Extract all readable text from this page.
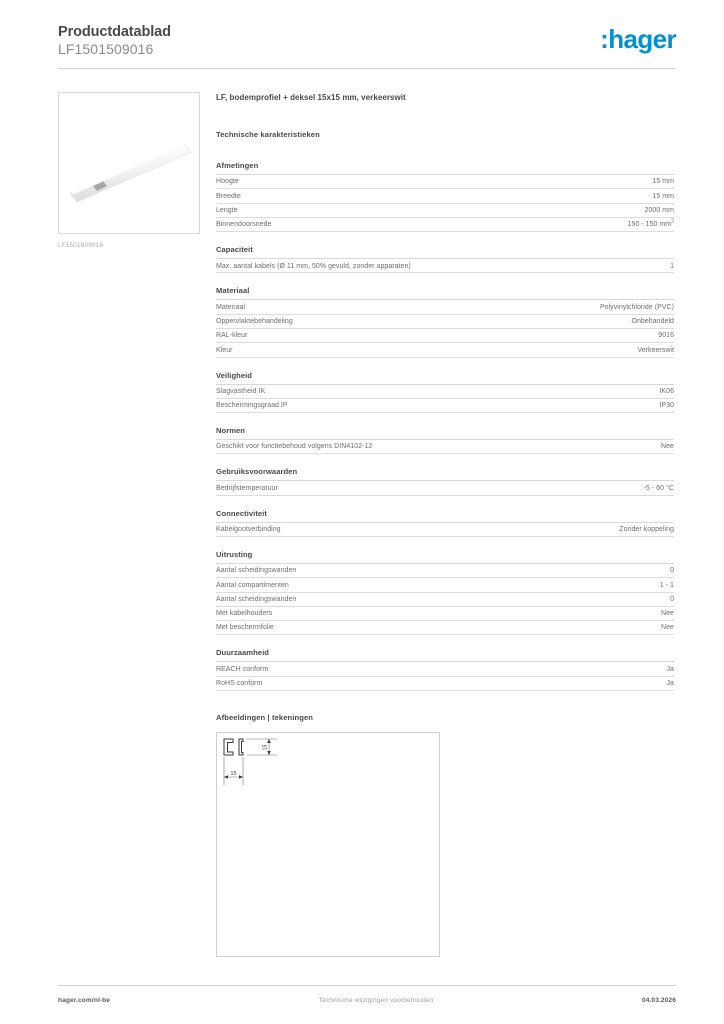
Productdatablad
LF1501509016	:hager
LF1501509016
LF, bodemprofiel + deksel 15x15 mm, verkeerswit
Technische karakteristieken
Afmetingen
Hoogte	15 mm
Breedte	15 mm
Lengte	2000 mm
Binnendoorsnede	150 - 150 $mm^2$
Capaciteit
Max. aantal kabels (Ø 11 mm, 50% gevuld, zonder apparaten)	1
Materiaal
Materiaal	Polyvinylchloride (PVC)
Oppervlaktebehandeling	Onbehandeld
RAL-kleur	9016
Kleur	Verkeerswit
Veiligheid
Slagvastheid IK	IK06
Beschermingsgraad IP	IP30
Normen
Geschikt voor functiebehoud volgens DIN4102-12	Nee
Gebruiksvoorwaarden
Bedrijfstemperatuur	-5 - 60 °C
Connectiviteit
Kabelgootverbinding	Zonder koppeling
Uitrusting
Aantal scheidingswanden	0
Aantal compartimenten	1 - 1
Aantal scheidingswanden	0
Met kabelhouders	Nee
Met beschermfolie	Nee
Duurzaamheid
REACH conform	Ja
RoHS conform	Ja
Afbeeldingen | tekeningen
15
15
hager.com/nl-be	Technische wijzigingen voorbehouden	04.03.2026
